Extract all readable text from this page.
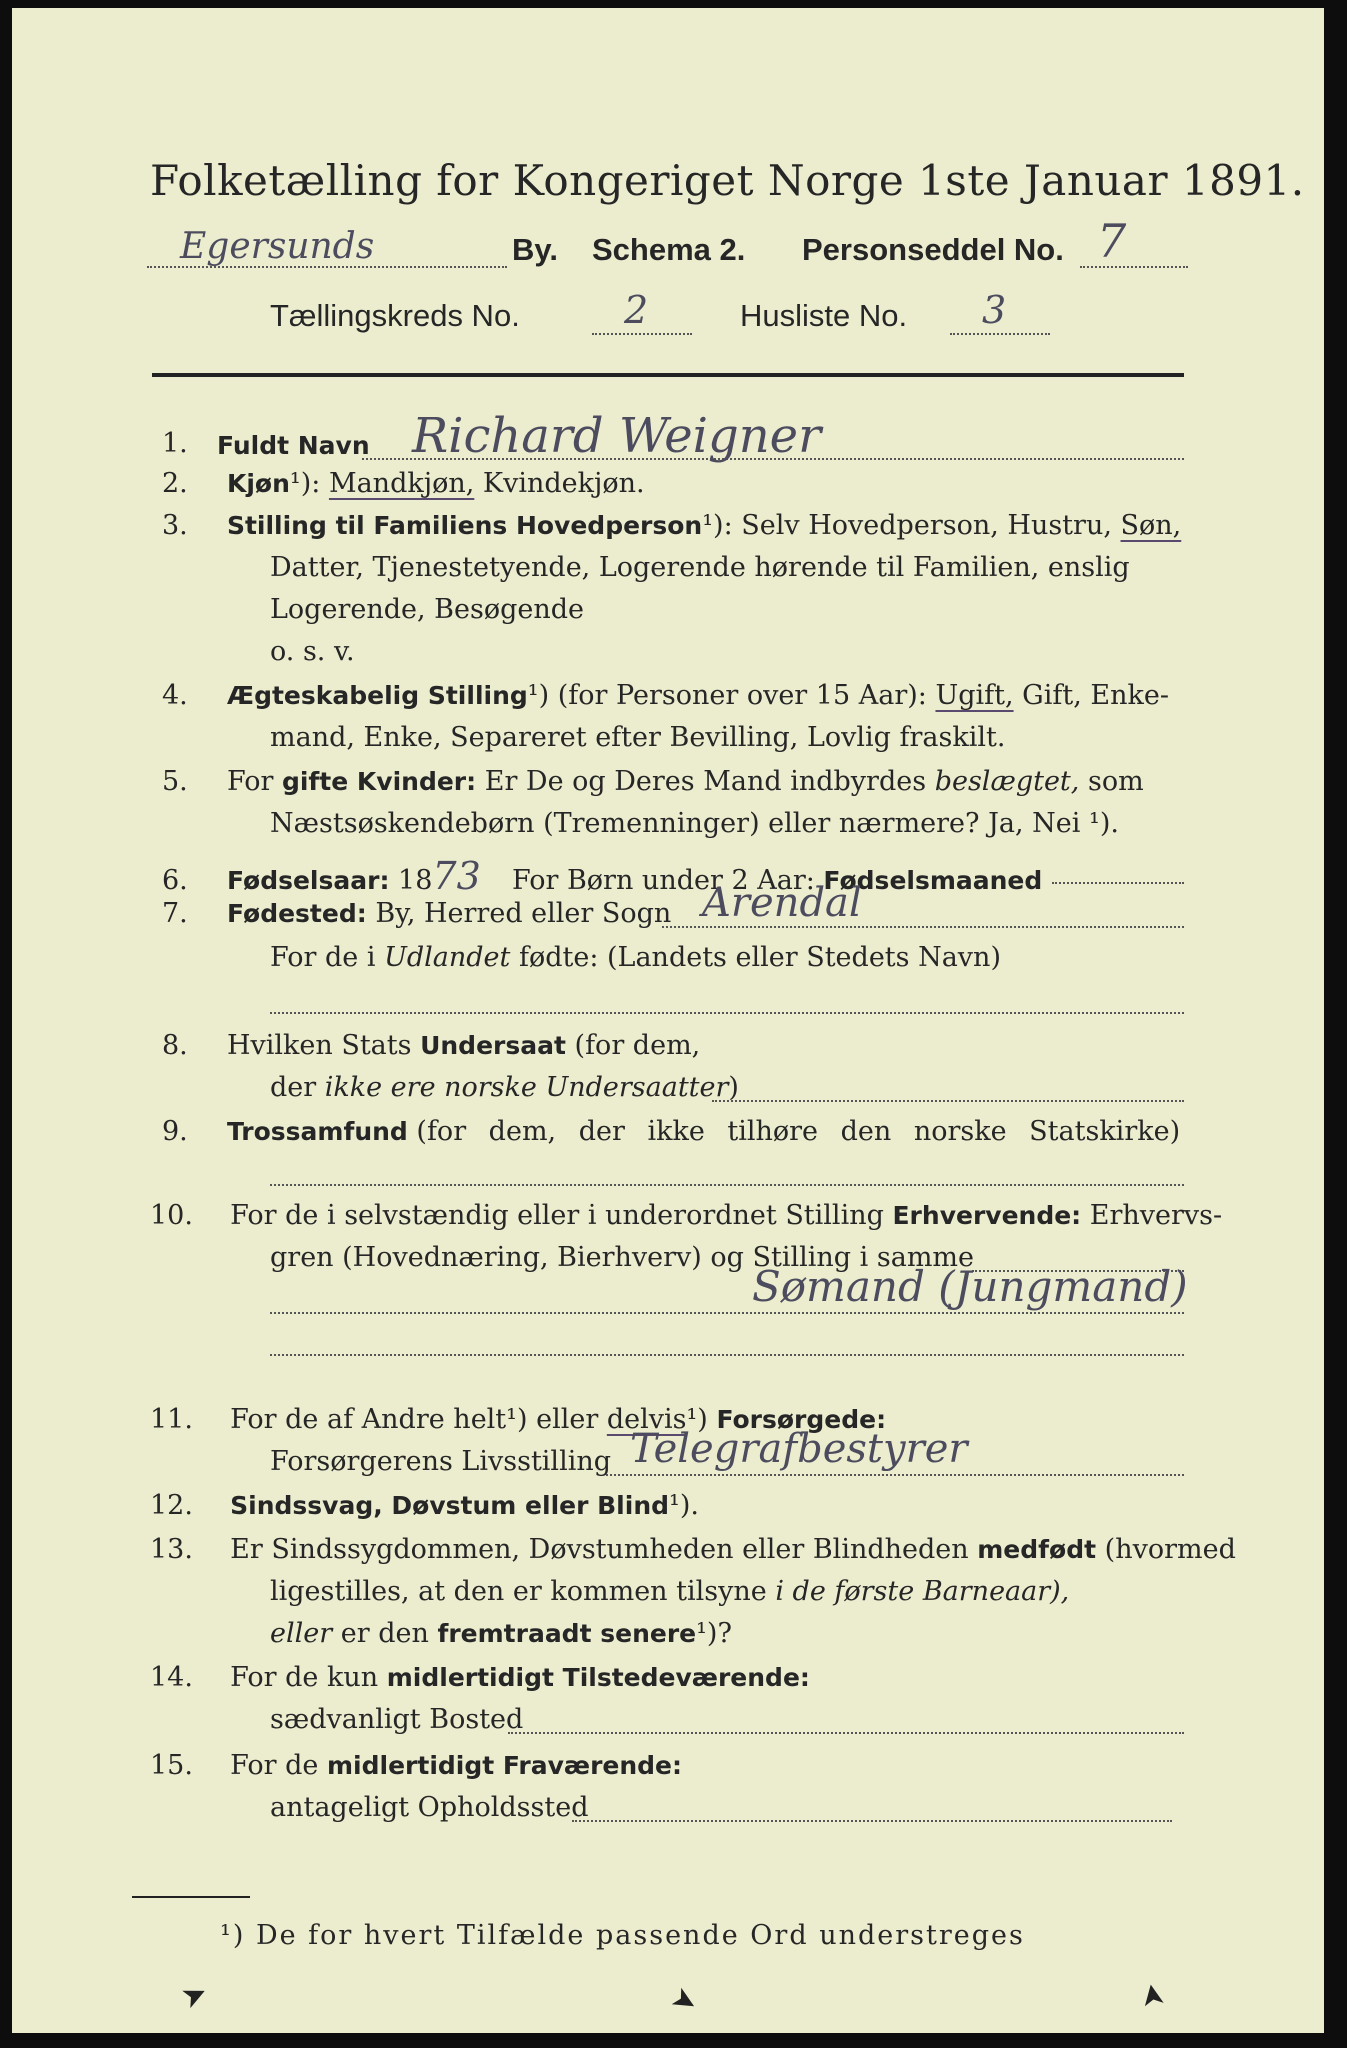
Folketælling for Kongeriget Norge 1ste Januar 1891.
Egersunds	By. Schema 2. Personseddel No. 7
Tællingskreds No.	2	Husliste No. 3
1. Fuldt Navn Richard Weigner
2. Kjøn¹): Mandkjøn, Kvindekjøn.
3. Stilling til Familiens Hovedperson¹): Selv Hovedperson, Hustru, Søn,
Datter, Tjenestetyende, Logerende hørende til Familien, enslig
Logerende, Besøgende
o. s. v.
4. Ægteskabelig Stilling¹) (for Personer over 15 Aar): Ugift, Gift, Enke-
mand, Enke, Separeret efter Bevilling, Lovlig fraskilt.
5. For gifte Kvinder: Er De og Deres Mand indbyrdes beslægtet, som
Næstsøskendebørn (Tremenninger) eller nærmere? Ja, Nei ¹).
6. Fødselsaar: 1873 For Børn under 2 Aar: Fødselsmaaned
7. Fødested: By, Herred eller Sogn Arendal
For de i Udlandet fødte: (Landets eller Stedets Navn)
8. Hvilken Stats Undersaat (for dem,
der ikke ere norske Undersaatter)
9. Trossamfund (for dem, der ikke tilhøre den norske Statskirke)
10. For de i selvstændig eller i underordnet Stilling Erhvervende: Erhvervs-
gren (Hovednæring, Bierhverv) og Stilling i samme
Sømand (Jungmand)
11. For de af Andre helt¹) eller delvis¹) Forsørgede:
Forsørgerens Livsstilling Telegrafbestyrer
12. Sindssvag, Døvstum eller Blind¹).
13. Er Sindssygdommen, Døvstumheden eller Blindheden medfødt (hvormed
ligestilles, at den er kommen tilsyne i de første Barneaar),
eller er den fremtraadt senere¹)?
14. For de kun midlertidigt Tilstedeværende:
sædvanligt Bosted
15. For de midlertidigt Fraværende:
antageligt Opholdssted
¹) De for hvert Tilfælde passende Ord understreges
➤	➤	➤
